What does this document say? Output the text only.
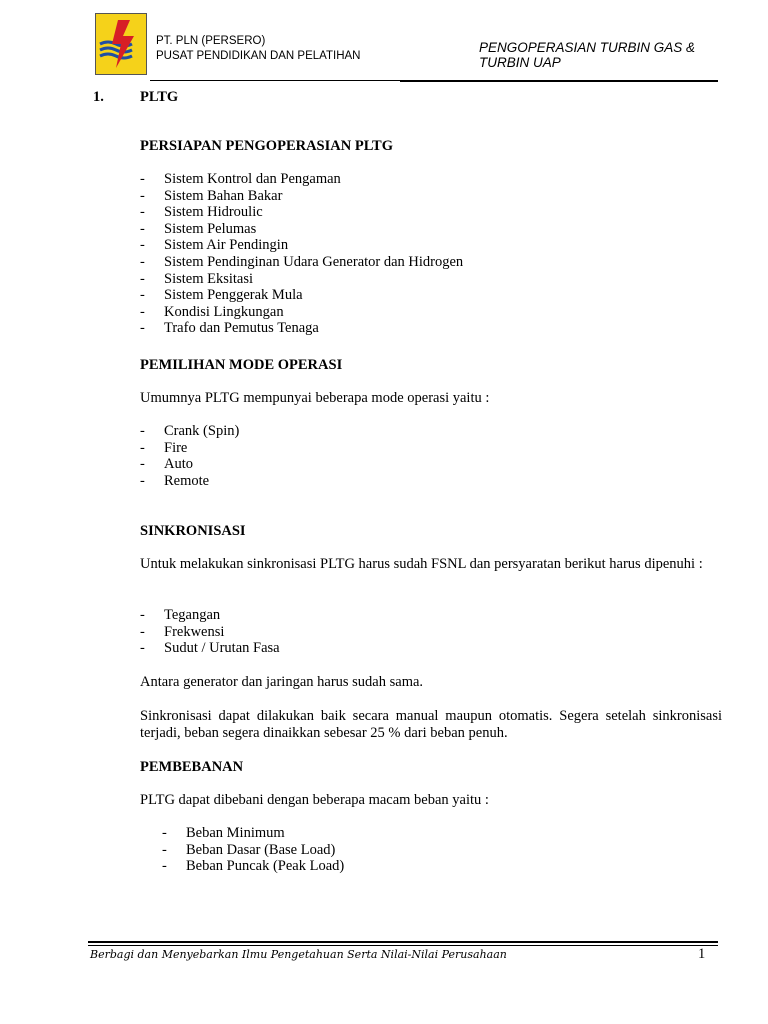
PT. PLN (PERSERO)
PUSAT PENDIDIKAN DAN PELATIHAN
PENGOPERASIAN TURBIN GAS &
TURBIN UAP
1. PLTG
PERSIAPAN PENGOPERASIAN PLTG
- Sistem Kontrol dan Pengaman
- Sistem Bahan Bakar
- Sistem Hidroulic
- Sistem Pelumas
- Sistem Air Pendingin
- Sistem Pendinginan Udara Generator dan Hidrogen
- Sistem Eksitasi
- Sistem Penggerak Mula
- Kondisi Lingkungan
- Trafo dan Pemutus Tenaga
PEMILIHAN MODE OPERASI
Umumnya PLTG mempunyai beberapa mode operasi yaitu :
- Crank (Spin)
- Fire
- Auto
- Remote
SINKRONISASI
Untuk melakukan sinkronisasi PLTG harus sudah FSNL dan persyaratan berikut harus dipenuhi :
- Tegangan
- Frekwensi
- Sudut / Urutan Fasa
Antara generator dan jaringan harus sudah sama.
Sinkronisasi dapat dilakukan baik secara manual maupun otomatis. Segera setelah sinkronisasi terjadi, beban segera dinaikkan sebesar 25 % dari beban penuh.
PEMBEBANAN
PLTG dapat dibebani dengan beberapa macam beban yaitu :
- Beban Minimum
- Beban Dasar (Base Load)
- Beban Puncak (Peak Load)
Berbagi dan Menyebarkan Ilmu Pengetahuan Serta Nilai-Nilai Perusahaan	1
